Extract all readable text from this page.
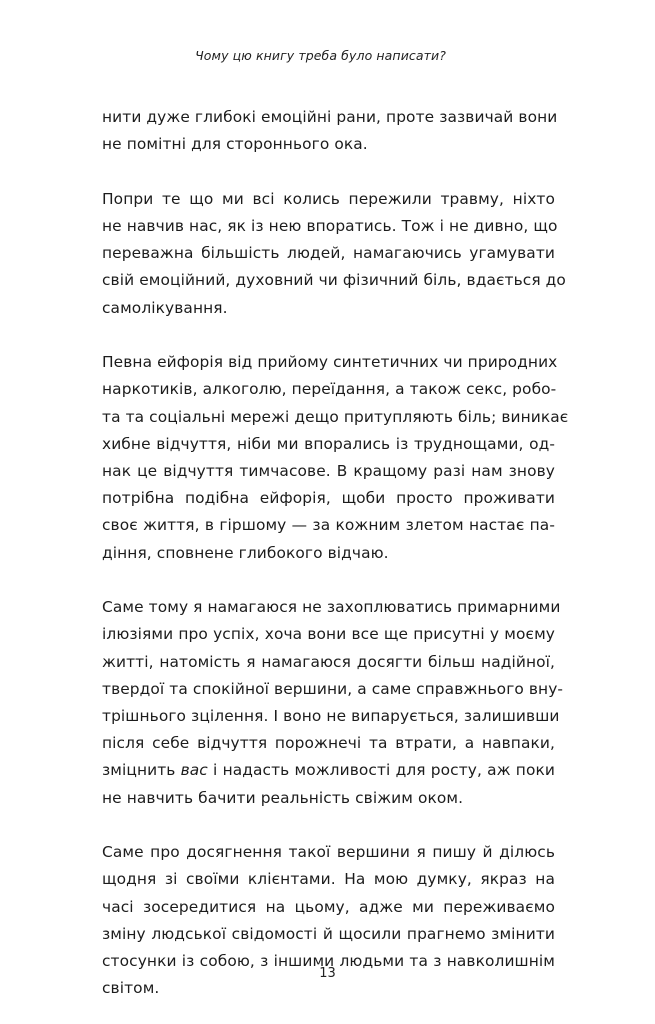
Чому цю книгу треба було написати?

нити дуже глибокі емоційні рани, проте зазвичай вони
не помітні для стороннього ока.

Попри те що ми всі колись пережили травму, ніхто
не навчив нас, як із нею впоратись. Тож і не дивно, що
переважна більшість людей, намагаючись угамувати
свій емоційний, духовний чи фізичний біль, вдається до
самолікування.

Певна ейфорія від прийому синтетичних чи природних
наркотиків, алкоголю, переїдання, а також секс, робо-
та та соціальні мережі дещо притупляють біль; виникає
хибне відчуття, ніби ми впорались із труднощами, од-
нак це відчуття тимчасове. В кращому разі нам знову
потрібна подібна ейфорія, щоби просто проживати
своє життя, в гіршому — за кожним злетом настає па-
діння, сповнене глибокого відчаю.

Саме тому я намагаюся не захоплюватись примарними
ілюзіями про успіх, хоча вони все ще присутні у моєму
житті, натомість я намагаюся досягти більш надійної,
твердої та спокійної вершини, а саме справжнього вну-
трішнього зцілення. І воно не випарується, залишивши
після себе відчуття порожнечі та втрати, а навпаки,
зміцнить вас і надасть можливості для росту, аж поки
не навчить бачити реальність свіжим оком.

Саме про досягнення такої вершини я пишу й ділюсь
щодня зі своїми клієнтами. На мою думку, якраз на
часі зосередитися на цьому, адже ми переживаємо
зміну людської свідомості й щосили прагнемо змінити
стосунки із собою, з іншими людьми та з навколишнім
світом.

13
